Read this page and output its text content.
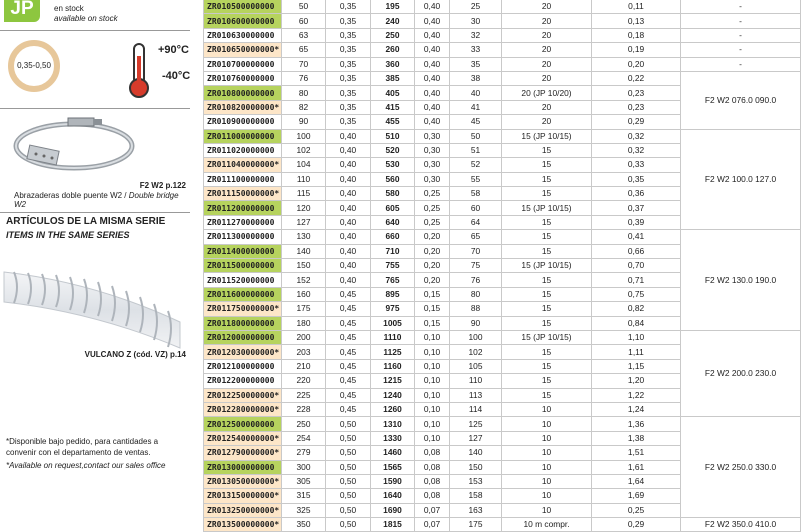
JP	en stock
available on stock
0,35-0,50
+90°C
-40°C
F2 W2 p.122
Abrazaderas doble puente W2 / Double bridge W2
ARTÍCULOS DE LA MISMA SERIE
ITEMS IN THE SAME SERIES
VULCANO Z (cód. VZ) p.14
*Disponible bajo pedido, para cantidades a convenir con el departamento de ventas.
*Available on request,contact our sales office
ZR010500000000	50	0,35	195	0,40	25	20	0,11	-
ZR010600000000	60	0,35	240	0,40	30	20	0,13	-
ZR010630000000	63	0,35	250	0,40	32	20	0,18	-
ZR010650000000*	65	0,35	260	0,40	33	20	0,19	-
ZR010700000000	70	0,35	360	0,40	35	20	0,20	-
ZR010760000000	76	0,35	385	0,40	38	20	0,22	F2 W2 076.0 090.0
ZR010800000000	80	0,35	405	0,40	40	20 (JP 10/20)	0,23	
ZR010820000000*	82	0,35	415	0,40	41	20	0,23	
ZR010900000000	90	0,35	455	0,40	45	20	0,29	
ZR011000000000	100	0,40	510	0,30	50	15 (JP 10/15)	0,32	F2 W2 100.0 127.0
ZR011020000000	102	0,40	520	0,30	51	15	0,32	
ZR011040000000*	104	0,40	530	0,30	52	15	0,33	
ZR011100000000	110	0,40	560	0,30	55	15	0,35	
ZR011150000000*	115	0,40	580	0,25	58	15	0,36	
ZR011200000000	120	0,40	605	0,25	60	15 (JP 10/15)	0,37	
ZR011270000000	127	0,40	640	0,25	64	15	0,39	
ZR011300000000	130	0,40	660	0,20	65	15	0,41	F2 W2 130.0 190.0
ZR011400000000	140	0,40	710	0,20	70	15	0,66	
ZR011500000000	150	0,40	755	0,20	75	15 (JP 10/15)	0,70	
ZR011520000000	152	0,40	765	0,20	76	15	0,71	
ZR011600000000	160	0,45	895	0,15	80	15	0,75	
ZR011750000000*	175	0,45	975	0,15	88	15	0,82	
ZR011800000000	180	0,45	1005	0,15	90	15	0,84	
ZR012000000000	200	0,45	1110	0,10	100	15 (JP 10/15)	1,10	F2 W2 200.0 230.0
ZR012030000000*	203	0,45	1125	0,10	102	15	1,11	
ZR012100000000	210	0,45	1160	0,10	105	15	1,15	
ZR012200000000	220	0,45	1215	0,10	110	15	1,20	
ZR012250000000*	225	0,45	1240	0,10	113	15	1,22	
ZR012280000000*	228	0,45	1260	0,10	114	10	1,24	
ZR012500000000	250	0,50	1310	0,10	125	10	1,36	F2 W2 250.0 330.0
ZR012540000000*	254	0,50	1330	0,10	127	10	1,38	
ZR012790000000*	279	0,50	1460	0,08	140	10	1,51	
ZR013000000000	300	0,50	1565	0,08	150	10	1,61	
ZR013050000000*	305	0,50	1590	0,08	153	10	1,64	
ZR013150000000*	315	0,50	1640	0,08	158	10	1,69	
ZR013250000000*	325	0,50	1690	0,07	163	10	0,25	
ZR013500000000*	350	0,50	1815	0,07	175	10 m compr.	0,29	F2 W2 350.0 410.0
